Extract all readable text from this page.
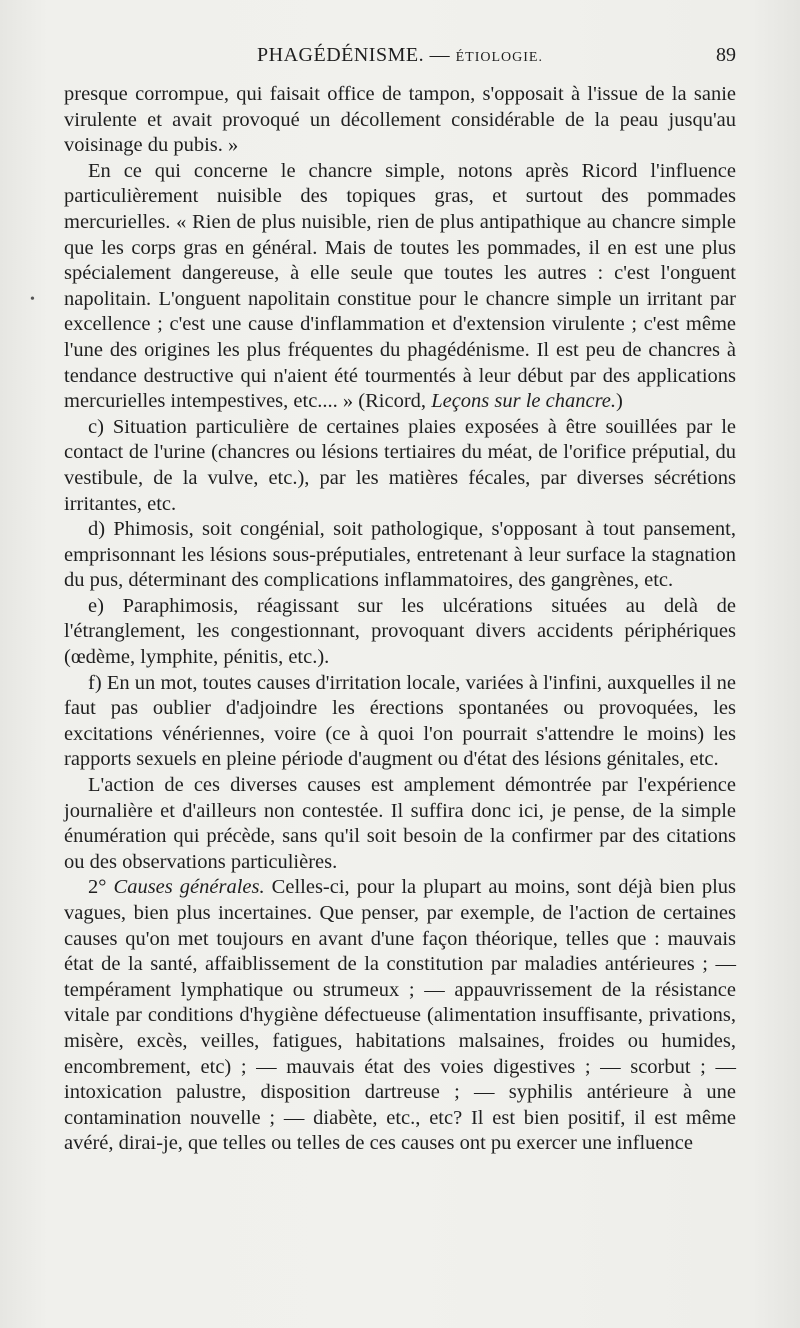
PHAGÉDÉNISME. — ÉTIOLOGIE.	89
•

presque corrompue, qui faisait office de tampon, s'opposait à l'issue de la sanie virulente et avait provoqué un décollement considérable de la peau jusqu'au voisinage du pubis. »

En ce qui concerne le chancre simple, notons après Ricord l'influence particulièrement nuisible des topiques gras, et surtout des pommades mercurielles. « Rien de plus nuisible, rien de plus antipathique au chancre simple que les corps gras en général. Mais de toutes les pommades, il en est une plus spécialement dangereuse, à elle seule que toutes les autres : c'est l'onguent napolitain. L'onguent napolitain constitue pour le chancre simple un irritant par excellence ; c'est une cause d'inflammation et d'extension virulente ; c'est même l'une des origines les plus fréquentes du phagédénisme. Il est peu de chancres à tendance destructive qui n'aient été tourmentés à leur début par des applications mercurielles intempestives, etc.... » (Ricord, Leçons sur le chancre.)

c) Situation particulière de certaines plaies exposées à être souillées par le contact de l'urine (chancres ou lésions tertiaires du méat, de l'orifice préputial, du vestibule, de la vulve, etc.), par les matières fécales, par diverses sécrétions irritantes, etc.

d) Phimosis, soit congénial, soit pathologique, s'opposant à tout pansement, emprisonnant les lésions sous-préputiales, entretenant à leur surface la stagnation du pus, déterminant des complications inflammatoires, des gangrènes, etc.

e) Paraphimosis, réagissant sur les ulcérations situées au delà de l'étranglement, les congestionnant, provoquant divers accidents périphériques (œdème, lymphite, pénitis, etc.).

f) En un mot, toutes causes d'irritation locale, variées à l'infini, auxquelles il ne faut pas oublier d'adjoindre les érections spontanées ou provoquées, les excitations vénériennes, voire (ce à quoi l'on pourrait s'attendre le moins) les rapports sexuels en pleine période d'augment ou d'état des lésions génitales, etc.

L'action de ces diverses causes est amplement démontrée par l'expérience journalière et d'ailleurs non contestée. Il suffira donc ici, je pense, de la simple énumération qui précède, sans qu'il soit besoin de la confirmer par des citations ou des observations particulières.

2° Causes générales. Celles-ci, pour la plupart au moins, sont déjà bien plus vagues, bien plus incertaines. Que penser, par exemple, de l'action de certaines causes qu'on met toujours en avant d'une façon théorique, telles que : mauvais état de la santé, affaiblissement de la constitution par maladies antérieures ; — tempérament lymphatique ou strumeux ; — appauvrissement de la résistance vitale par conditions d'hygiène défectueuse (alimentation insuffisante, privations, misère, excès, veilles, fatigues, habitations malsaines, froides ou humides, encombrement, etc) ; — mauvais état des voies digestives ; — scorbut ; — intoxication palustre, disposition dartreuse ; — syphilis antérieure à une contamination nouvelle ; — diabète, etc., etc? Il est bien positif, il est même avéré, dirai-je, que telles ou telles de ces causes ont pu exercer une influence
